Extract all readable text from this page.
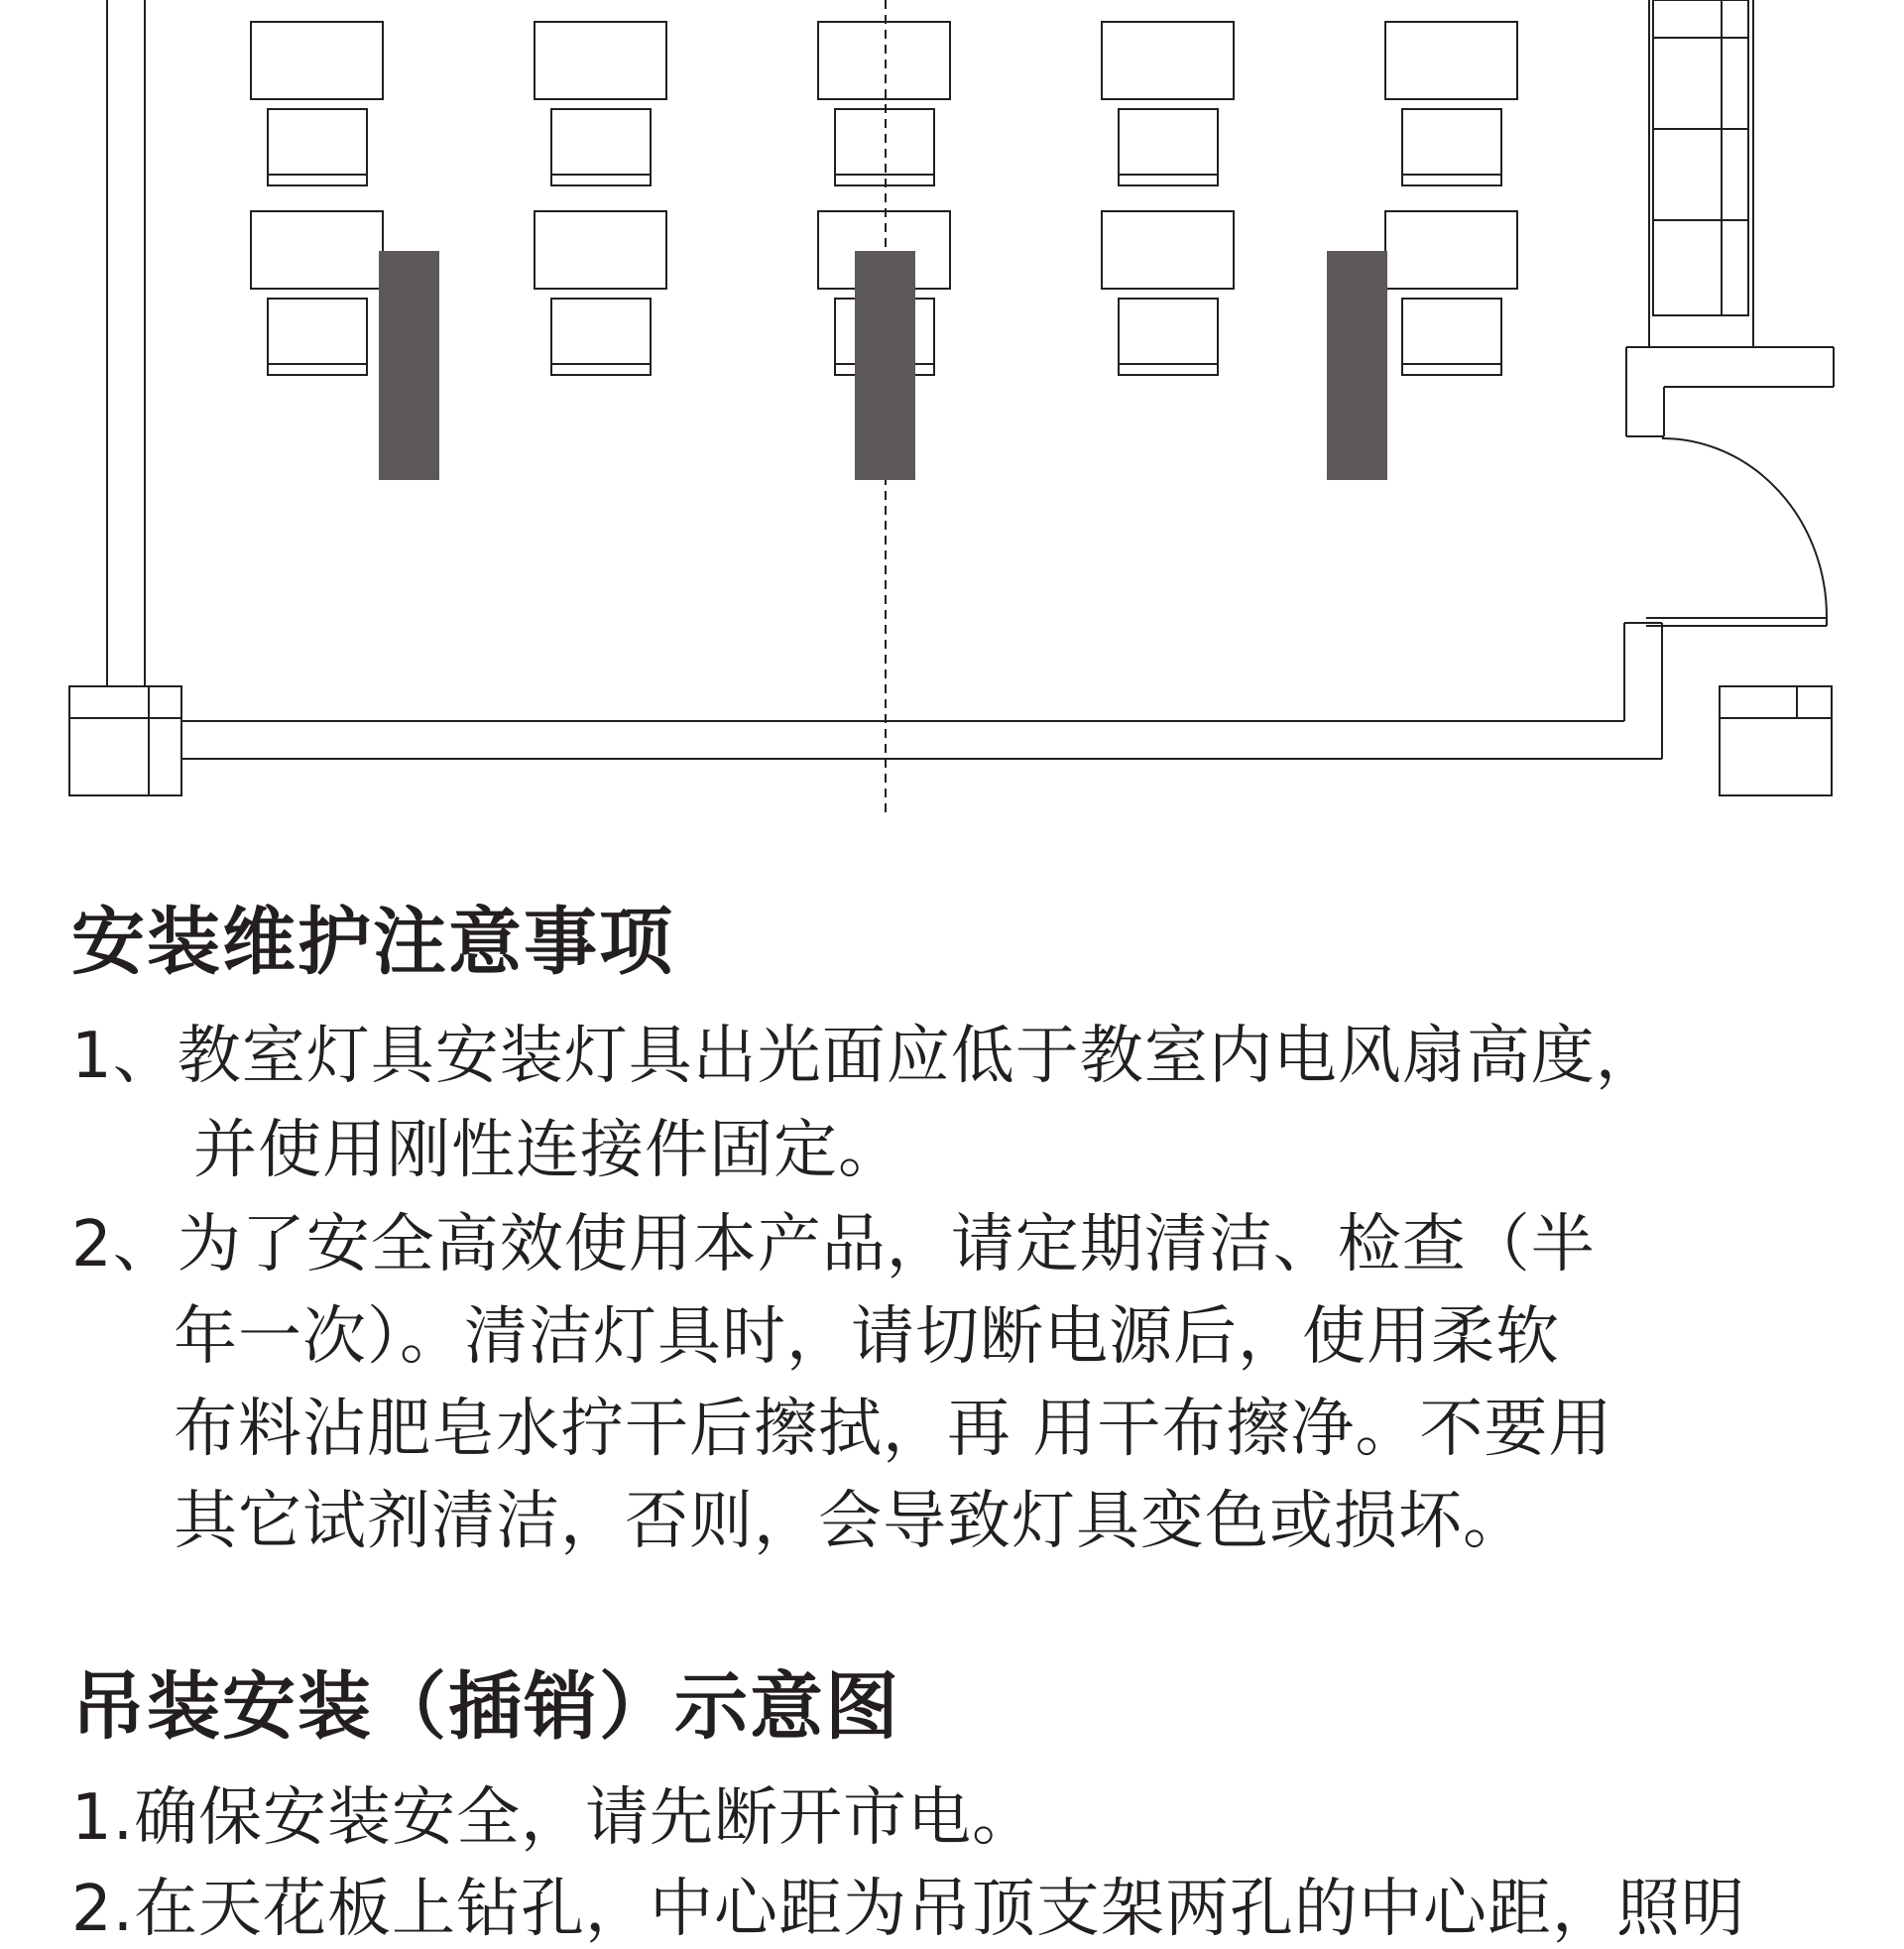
安装维护注意事项

1、教室灯具安装灯具出光面应低于教室内电风扇高度，

并使用刚性连接件固定。

2、为了安全高效使用本产品，请定期清洁、检查（半

年一次）。清洁灯具时，请切断电源后，使用柔软

布料沾肥皂水拧干后擦拭，再 用干布擦净。不要用

其它试剂清洁，否则，会导致灯具变色或损坏。

吊装安装（插销）示意图

1.确保安装安全，请先断开市电。

2.在天花板上钻孔，中心距为吊顶支架两孔的中心距，照明
